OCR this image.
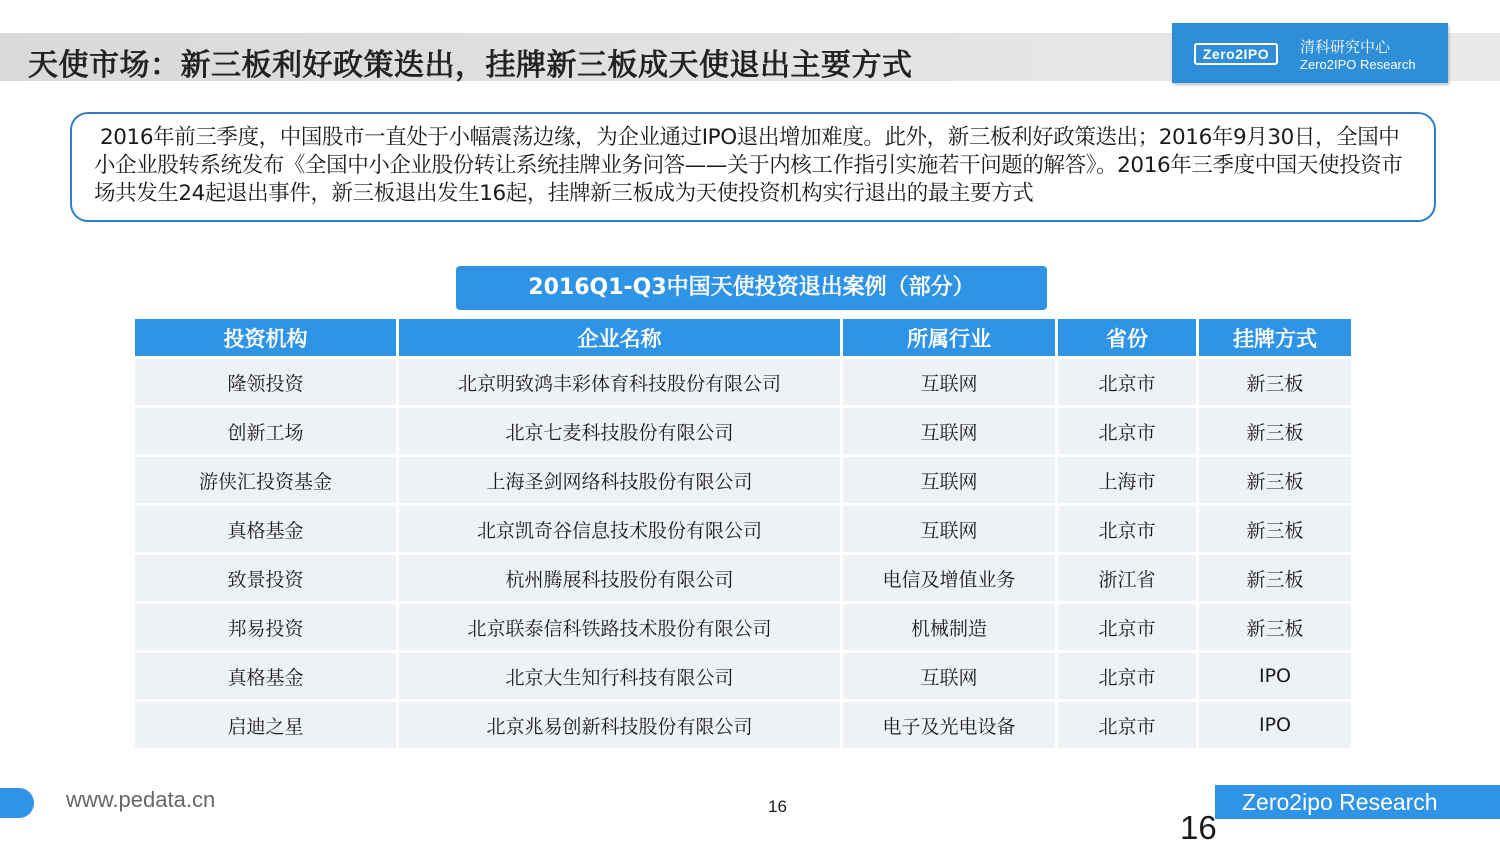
天使市场：新三板利好政策迭出，挂牌新三板成天使退出主要方式	Zero2IPO	清科研究中心
Zero2IPO Research

2016年前三季度，中国股市一直处于小幅震荡边缘，为企业通过IPO退出增加难度。此外，新三板利好政策迭出；2016年9月30日，全国中小企业股转系统发布《全国中小企业股份转让系统挂牌业务问答——关于内核工作指引实施若干问题的解答》。2016年三季度中国天使投资市场共发生24起退出事件，新三板退出发生16起，挂牌新三板成为天使投资机构实行退出的最主要方式

2016Q1-Q3中国天使投资退出案例（部分）
投资机构	企业名称	所属行业	省份	挂牌方式
隆领投资	北京明致鸿丰彩体育科技股份有限公司	互联网	北京市	新三板
创新工场	北京七麦科技股份有限公司	互联网	北京市	新三板
游侠汇投资基金	上海圣剑网络科技股份有限公司	互联网	上海市	新三板
真格基金	北京凯奇谷信息技术股份有限公司	互联网	北京市	新三板
致景投资	杭州腾展科技股份有限公司	电信及增值业务	浙江省	新三板
邦易投资	北京联泰信科铁路技术股份有限公司	机械制造	北京市	新三板
真格基金	北京大生知行科技有限公司	互联网	北京市	IPO
启迪之星	北京兆易创新科技股份有限公司	电子及光电设备	北京市	IPO
www.pedata.cn	16	Zero2ipo Research
16
